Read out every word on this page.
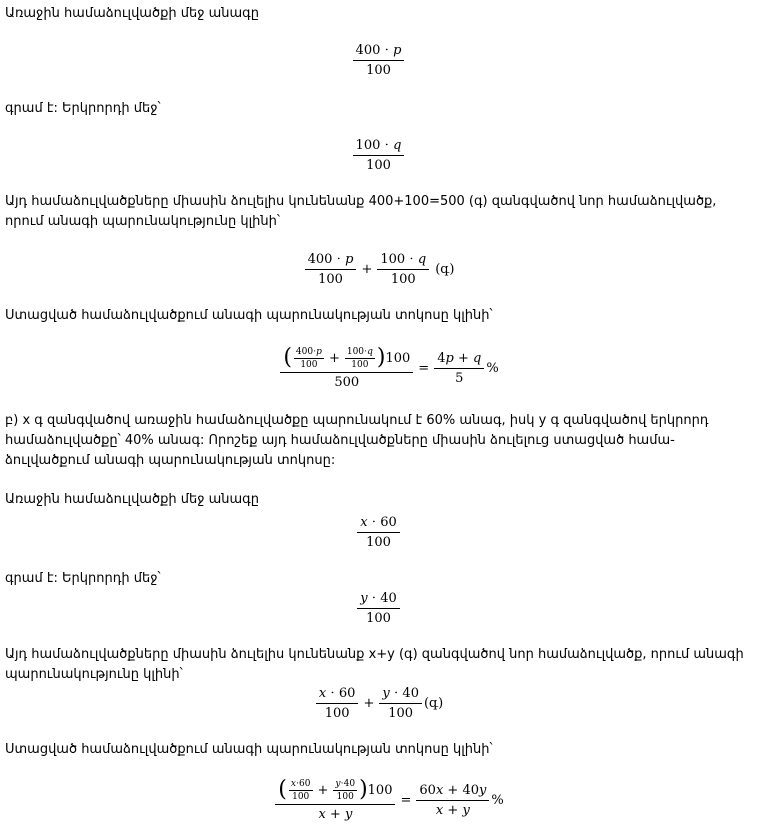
Առաջին համաձուլվածքի մեջ անագը

$\frac{400 \cdot p}{100}$

գրամ է: Երկրորդի մեջ՝

$\frac{100 \cdot q}{100}$

Այդ համաձուլվածքները միասին ձուլելիս կունենանք 400+100=500 (գ) զանգվածով նոր համաձուլվածք, որում անագի պարունակությունը կլինի՝

$\frac{400 \cdot p}{100} + \frac{100 \cdot q}{100}$ (գ)

Ստացված համաձուլվածքում անագի պարունակության տոկոսը կլինի՝

( $\frac{400\cdot p}{100} + \frac{100\cdot q}{100}$ ) 100
500
= $\frac{4p + q}{5}$ %

բ) x գ զանգվածով առաջին համաձուլվածքը պարունակում է 60% անագ, իսկ y գ զանգվածով երկրորդ համաձուլվածքը՝ 40% անագ: Որոշեք այդ համաձուլվածքները միասին ձուլելուց ստացված համա-ձուլվածքում անագի պարունակության տոկոսը:

Առաջին համաձուլվածքի մեջ անագը

$\frac{x \cdot 60}{100}$

գրամ է: Երկրորդի մեջ՝

$\frac{y \cdot 40}{100}$

Այդ համաձուլվածքները միասին ձուլելիս կունենանք x+y (գ) զանգվածով նոր համաձուլվածք, որում անագի պարունակությունը կլինի՝

$\frac{x \cdot 60}{100} + \frac{y \cdot 40}{100}$ (գ)

Ստացված համաձուլվածքում անագի պարունակության տոկոսը կլինի՝

( $\frac{x\cdot 60}{100} + \frac{y\cdot 40}{100}$ ) 100
x + y
= $\frac{60x + 40y}{x + y}$ %
